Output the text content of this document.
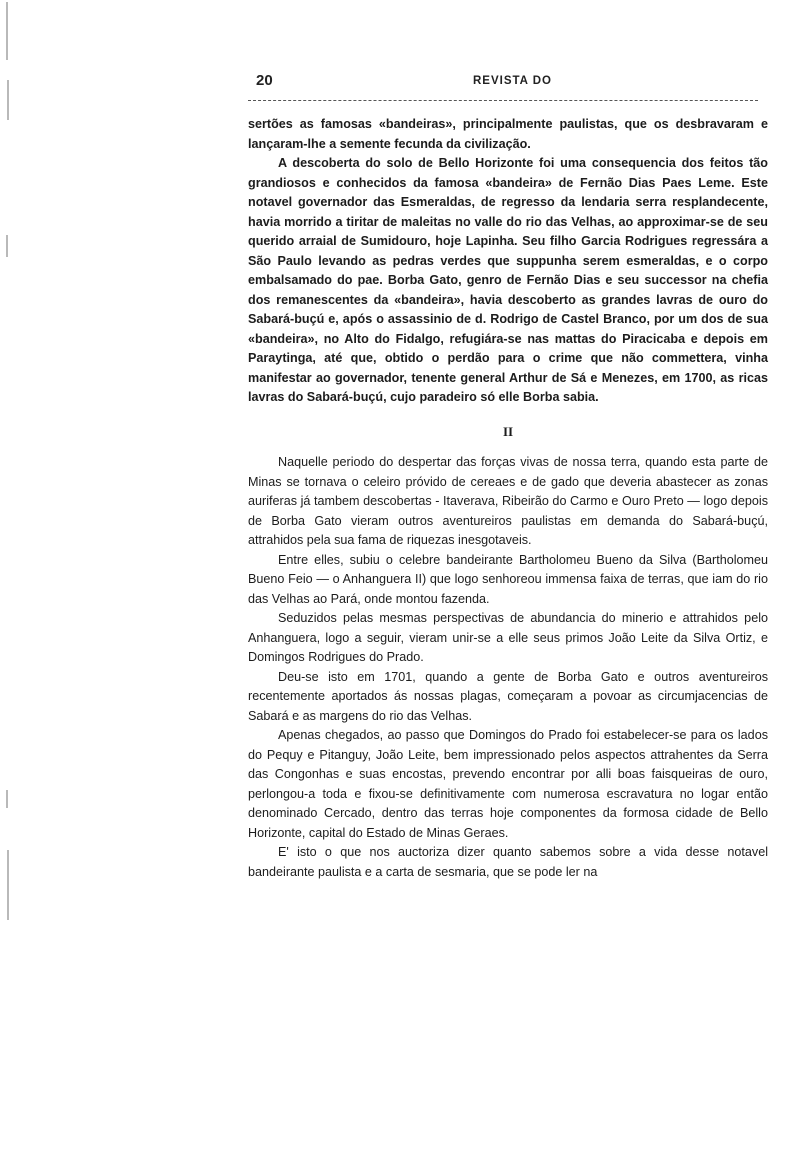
20	REVISTA DO

sertões as famosas «bandeiras», principalmente paulistas, que os desbravaram e lançaram-lhe a semente fecunda da civilização.

A descoberta do solo de Bello Horizonte foi uma consequencia dos feitos tão grandiosos e conhecidos da famosa «bandeira» de Fernão Dias Paes Leme. Este notavel governador das Esmeraldas, de regresso da lendaria serra resplandecente, havia morrido a tiritar de maleitas no valle do rio das Velhas, ao approximar-se de seu querido arraial de Sumidouro, hoje Lapinha. Seu filho Garcia Rodrigues regressára a São Paulo levando as pedras verdes que suppunha serem esmeraldas, e o corpo embalsamado do pae. Borba Gato, genro de Fernão Dias e seu successor na chefia dos remanescentes da «bandeira», havia descoberto as grandes lavras de ouro do Sabará-buçú e, após o assassinio de d. Rodrigo de Castel Branco, por um dos de sua «bandeira», no Alto do Fidalgo, refugiára-se nas mattas do Piracicaba e depois em Paraytinga, até que, obtido o perdão para o crime que não commettera, vinha manifestar ao governador, tenente general Arthur de Sá e Menezes, em 1700, as ricas lavras do Sabará-buçú, cujo paradeiro só elle Borba sabia.

II

Naquelle periodo do despertar das forças vivas de nossa terra, quando esta parte de Minas se tornava o celeiro próvido de cereaes e de gado que deveria abastecer as zonas auriferas já tambem descobertas - Itaverava, Ribeirão do Carmo e Ouro Preto — logo depois de Borba Gato vieram outros aventureiros paulistas em demanda do Sabará-buçú, attrahidos pela sua fama de riquezas inesgotaveis.

Entre elles, subiu o celebre bandeirante Bartholomeu Bueno da Silva (Bartholomeu Bueno Feio — o Anhanguera II) que logo senhoreou immensa faixa de terras, que iam do rio das Velhas ao Pará, onde montou fazenda.

Seduzidos pelas mesmas perspectivas de abundancia do minerio e attrahidos pelo Anhanguera, logo a seguir, vieram unir-se a elle seus primos João Leite da Silva Ortiz, e Domingos Rodrigues do Prado.

Deu-se isto em 1701, quando a gente de Borba Gato e outros aventureiros recentemente aportados ás nossas plagas, começaram a povoar as circumjacencias de Sabará e as margens do rio das Velhas.

Apenas chegados, ao passo que Domingos do Prado foi estabelecer-se para os lados do Pequy e Pitanguy, João Leite, bem impressionado pelos aspectos attrahentes da Serra das Congonhas e suas encostas, prevendo encontrar por alli boas faisqueiras de ouro, perlongou-a toda e fixou-se definitivamente com numerosa escravatura no logar então denominado Cercado, dentro das terras hoje componentes da formosa cidade de Bello Horizonte, capital do Estado de Minas Geraes.

E' isto o que nos auctoriza dizer quanto sabemos sobre a vida desse notavel bandeirante paulista e a carta de sesmaria, que se pode ler na
